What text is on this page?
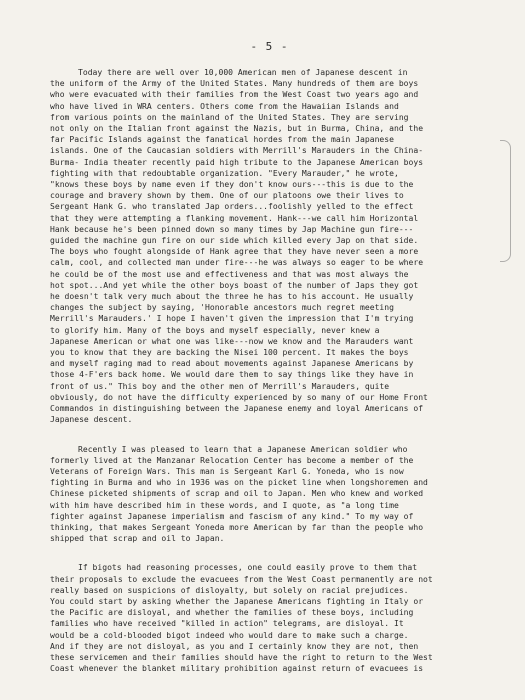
- 5 -
Today there are well over 10,000 American men of Japanese descent in
the uniform of the Army of the United States. Many hundreds of them are boys
who were evacuated with their families from the West Coast two years ago and
who have lived in WRA centers. Others come from the Hawaiian Islands and
from various points on the mainland of the United States. They are serving
not only on the Italian front against the Nazis, but in Burma, China, and the
far Pacific Islands against the fanatical hordes from the main Japanese
islands. One of the Caucasian soldiers with Merrill's Marauders in the China-
Burma- India theater recently paid high tribute to the Japanese American boys
fighting with that redoubtable organization. "Every Marauder," he wrote,
"knows these boys by name even if they don't know ours---this is due to the
courage and bravery shown by them. One of our platoons owe their lives to
Sergeant Hank G. who translated Jap orders...foolishly yelled to the effect
that they were attempting a flanking movement. Hank---we call him Horizontal
Hank because he's been pinned down so many times by Jap Machine gun fire---
guided the machine gun fire on our side which killed every Jap on that side.
The boys who fought alongside of Hank agree that they have never seen a more
calm, cool, and collected man under fire---he was always so eager to be where
he could be of the most use and effectiveness and that was most always the
hot spot...And yet while the other boys boast of the number of Japs they got
he doesn't talk very much about the three he has to his account. He usually
changes the subject by saying, 'Honorable ancestors much regret meeting
Merrill's Marauders.' I hope I haven't given the impression that I'm trying
to glorify him. Many of the boys and myself especially, never knew a
Japanese American or what one was like---now we know and the Marauders want
you to know that they are backing the Nisei 100 percent. It makes the boys
and myself raging mad to read about movements against Japanese Americans by
those 4-F'ers back home. We would dare them to say things like they have in
front of us." This boy and the other men of Merrill's Marauders, quite
obviously, do not have the difficulty experienced by so many of our Home Front
Commandos in distinguishing between the Japanese enemy and loyal Americans of
Japanese descent.
Recently I was pleased to learn that a Japanese American soldier who
formerly lived at the Manzanar Relocation Center has become a member of the
Veterans of Foreign Wars. This man is Sergeant Karl G. Yoneda, who is now
fighting in Burma and who in 1936 was on the picket line when longshoremen and
Chinese picketed shipments of scrap and oil to Japan. Men who knew and worked
with him have described him in these words, and I quote, as "a long time
fighter against Japanese imperialism and fascism of any kind." To my way of
thinking, that makes Sergeant Yoneda more American by far than the people who
shipped that scrap and oil to Japan.
If bigots had reasoning processes, one could easily prove to them that
their proposals to exclude the evacuees from the West Coast permanently are not
really based on suspicions of disloyalty, but solely on racial prejudices.
You could start by asking whether the Japanese Americans fighting in Italy or
the Pacific are disloyal, and whether the families of these boys, including
families who have received "killed in action" telegrams, are disloyal. It
would be a cold-blooded bigot indeed who would dare to make such a charge.
And if they are not disloyal, as you and I certainly know they are not, then
these servicemen and their families should have the right to return to the West
Coast whenever the blanket military prohibition against return of evacuees is
